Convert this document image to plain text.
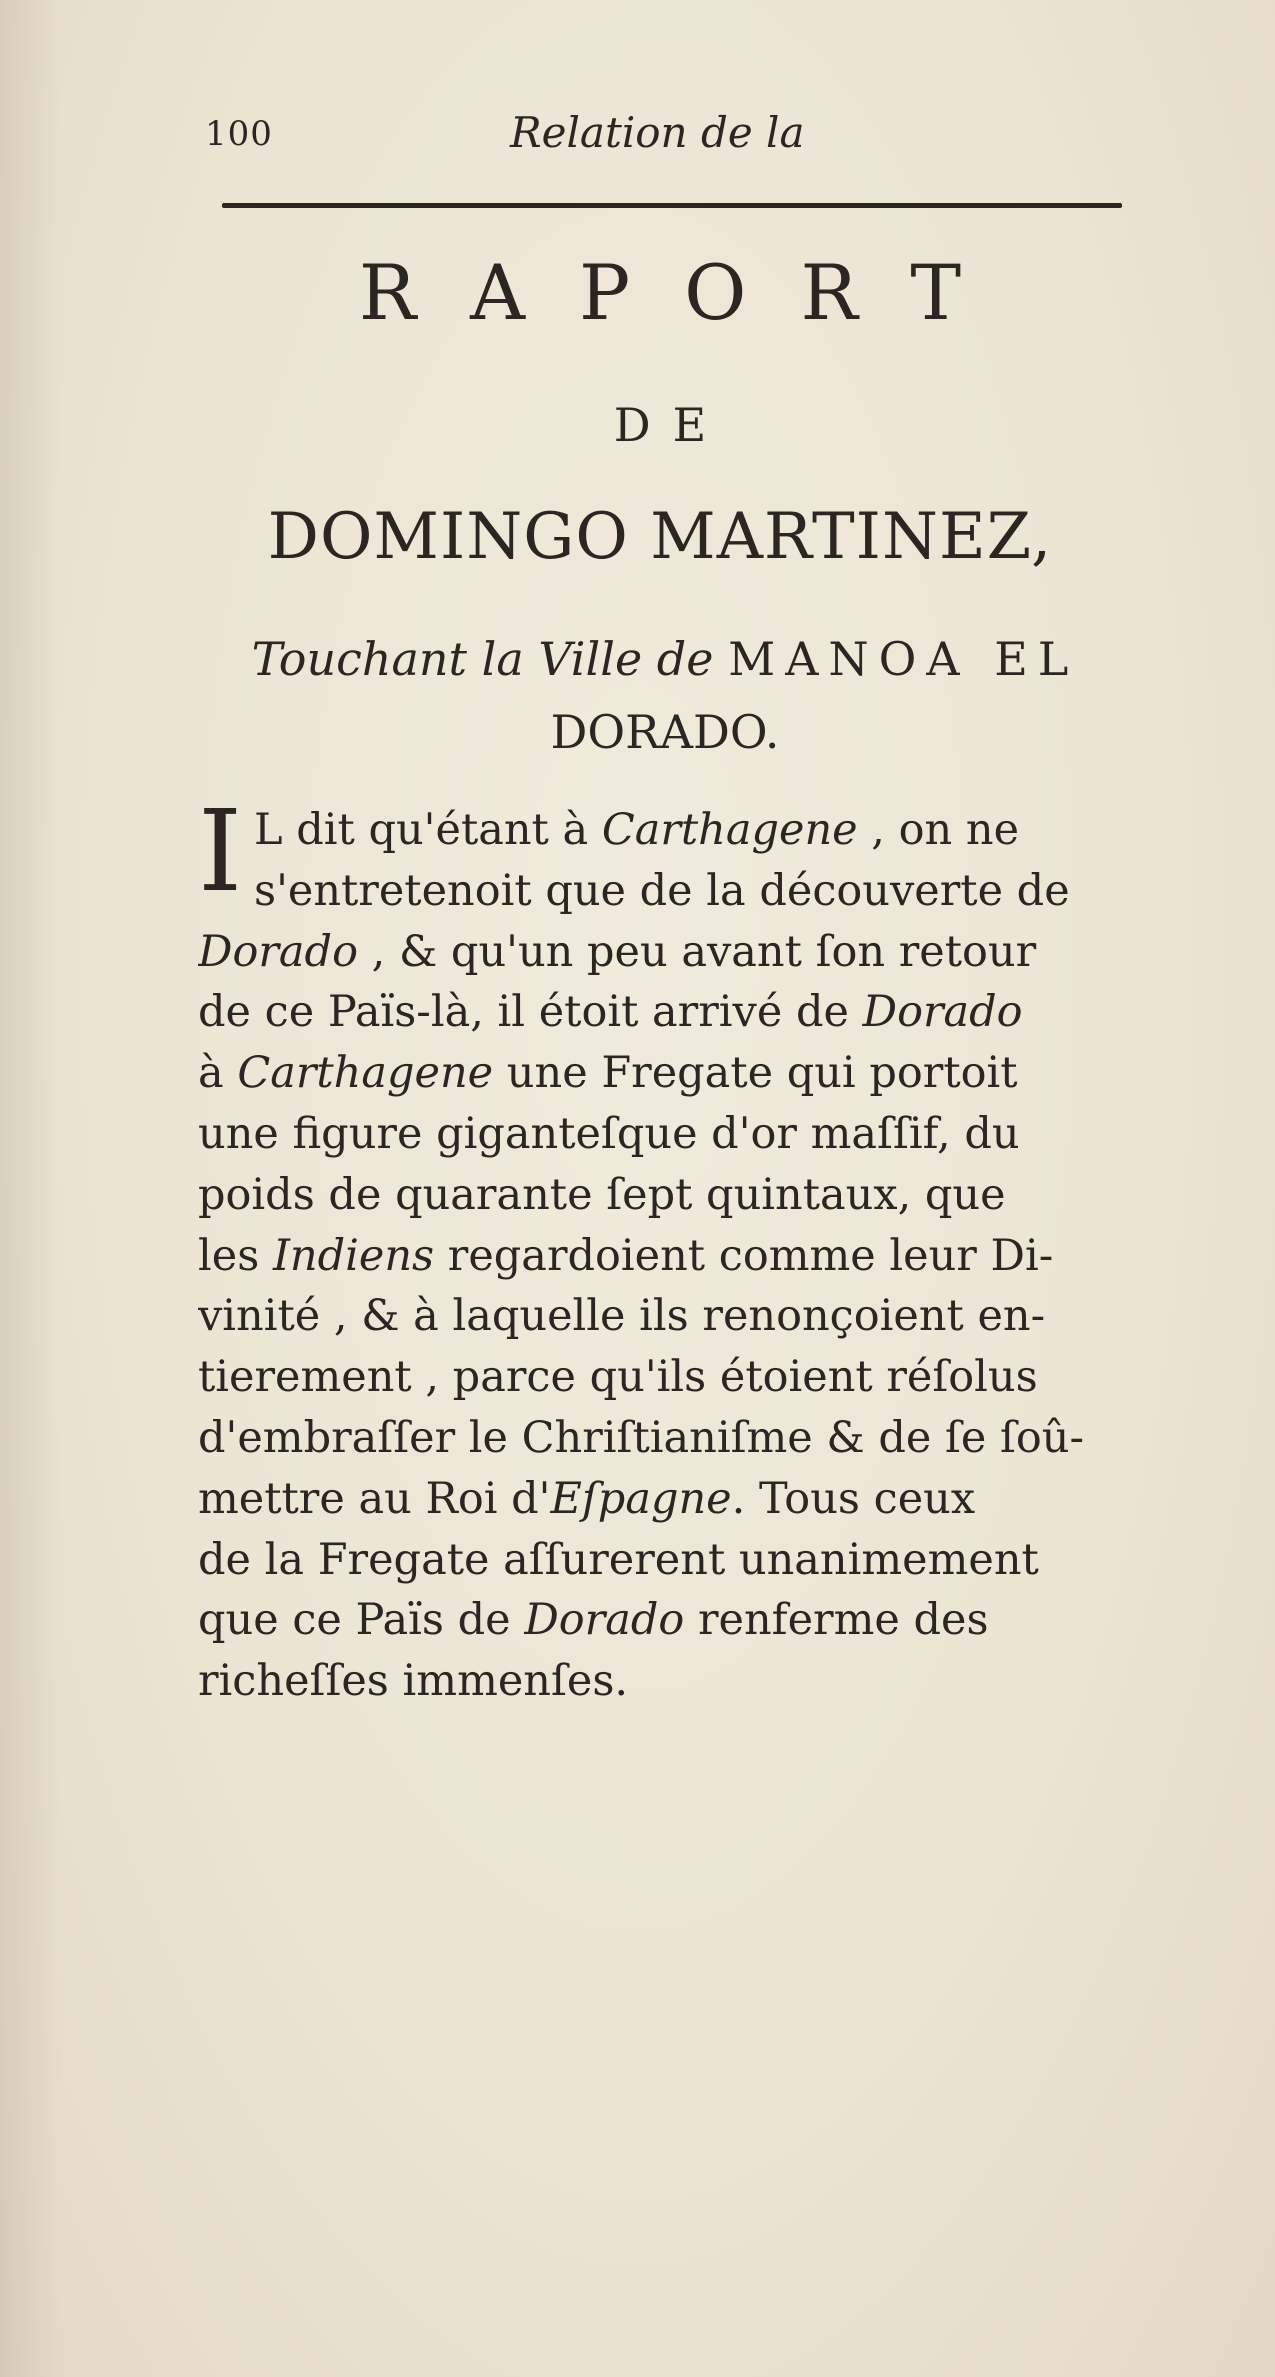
100	Relation de la
RAPORT
DE
DOMINGO MARTINEZ,
Touchant la Ville de MANOA EL
DORADO.
I L dit qu'étant à Carthagene , on ne
s'entretenoit que de la découverte de
Dorado , & qu'un peu avant ſon retour
de ce Païs-là, il étoit arrivé de Dorado
à Carthagene une Fregate qui portoit
une figure giganteſque d'or maſſif, du
poids de quarante ſept quintaux, que
les Indiens regardoient comme leur Di-
vinité , & à laquelle ils renonçoient en-
tierement , parce qu'ils étoient réſolus
d'embraſſer le Chriſtianiſme & de ſe ſoû-
mettre au Roi d'Eſpagne. Tous ceux
de la Fregate aſſurerent unanimement
que ce Païs de Dorado renferme des
richeſſes immenſes.
